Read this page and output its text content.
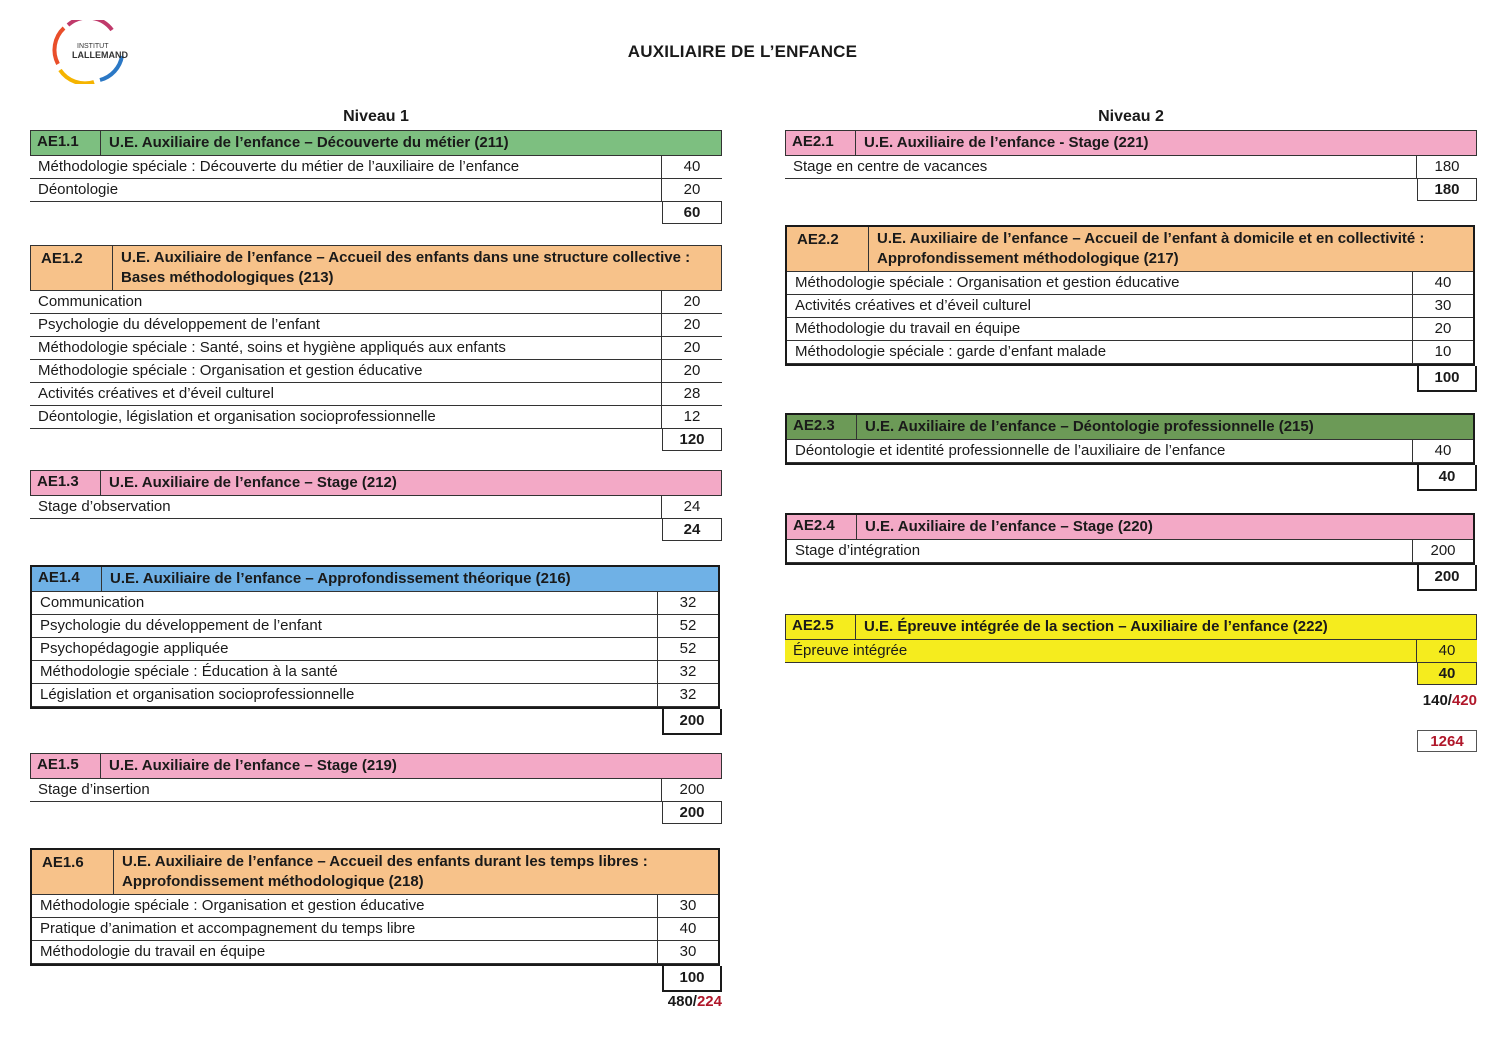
INSTITUT
LALLEMAND	AUXILIAIRE DE L’ENFANCE
Niveau 1	Niveau 2
AE1.1	U.E. Auxiliaire de l’enfance – Découverte du métier (211)
Méthodologie spéciale : Découverte du métier de l’auxiliaire de l’enfance	40
Déontologie	20
60
AE1.2	U.E. Auxiliaire de l’enfance – Accueil des enfants dans une structure collective : Bases méthodologiques (213)
Communication	20
Psychologie du développement de l’enfant	20
Méthodologie spéciale : Santé, soins et hygiène appliqués aux enfants	20
Méthodologie spéciale : Organisation et gestion éducative	20
Activités créatives et d’éveil culturel	28
Déontologie, législation et organisation socioprofessionnelle	12
120
AE1.3	U.E. Auxiliaire de l’enfance – Stage (212)
Stage d’observation	24
24
AE1.4	U.E. Auxiliaire de l’enfance – Approfondissement théorique (216)
Communication	32
Psychologie du développement de l’enfant	52
Psychopédagogie appliquée	52
Méthodologie spéciale : Éducation à la santé	32
Législation et organisation socioprofessionnelle	32
200
AE1.5	U.E. Auxiliaire de l’enfance – Stage (219)
Stage d’insertion	200
200
AE1.6	U.E. Auxiliaire de l’enfance – Accueil des enfants durant les temps libres : Approfondissement méthodologique (218)
Méthodologie spéciale : Organisation et gestion éducative	30
Pratique d’animation et accompagnement du temps libre	40
Méthodologie du travail en équipe	30
100
480/224
AE2.1	U.E. Auxiliaire de l’enfance - Stage (221)
Stage en centre de vacances	180
180
AE2.2	U.E. Auxiliaire de l’enfance – Accueil de l’enfant à domicile et en collectivité : Approfondissement méthodologique (217)
Méthodologie spéciale : Organisation et gestion éducative	40
Activités créatives et d’éveil culturel	30
Méthodologie du travail en équipe	20
Méthodologie spéciale : garde d’enfant malade	10
100
AE2.3	U.E. Auxiliaire de l’enfance – Déontologie professionnelle (215)
Déontologie et identité professionnelle de l’auxiliaire de l’enfance	40
40
AE2.4	U.E. Auxiliaire de l’enfance – Stage (220)
Stage d’intégration	200
200
AE2.5	U.E. Épreuve intégrée de la section – Auxiliaire de l’enfance (222)
Épreuve intégrée	40
40
140/420
1264
